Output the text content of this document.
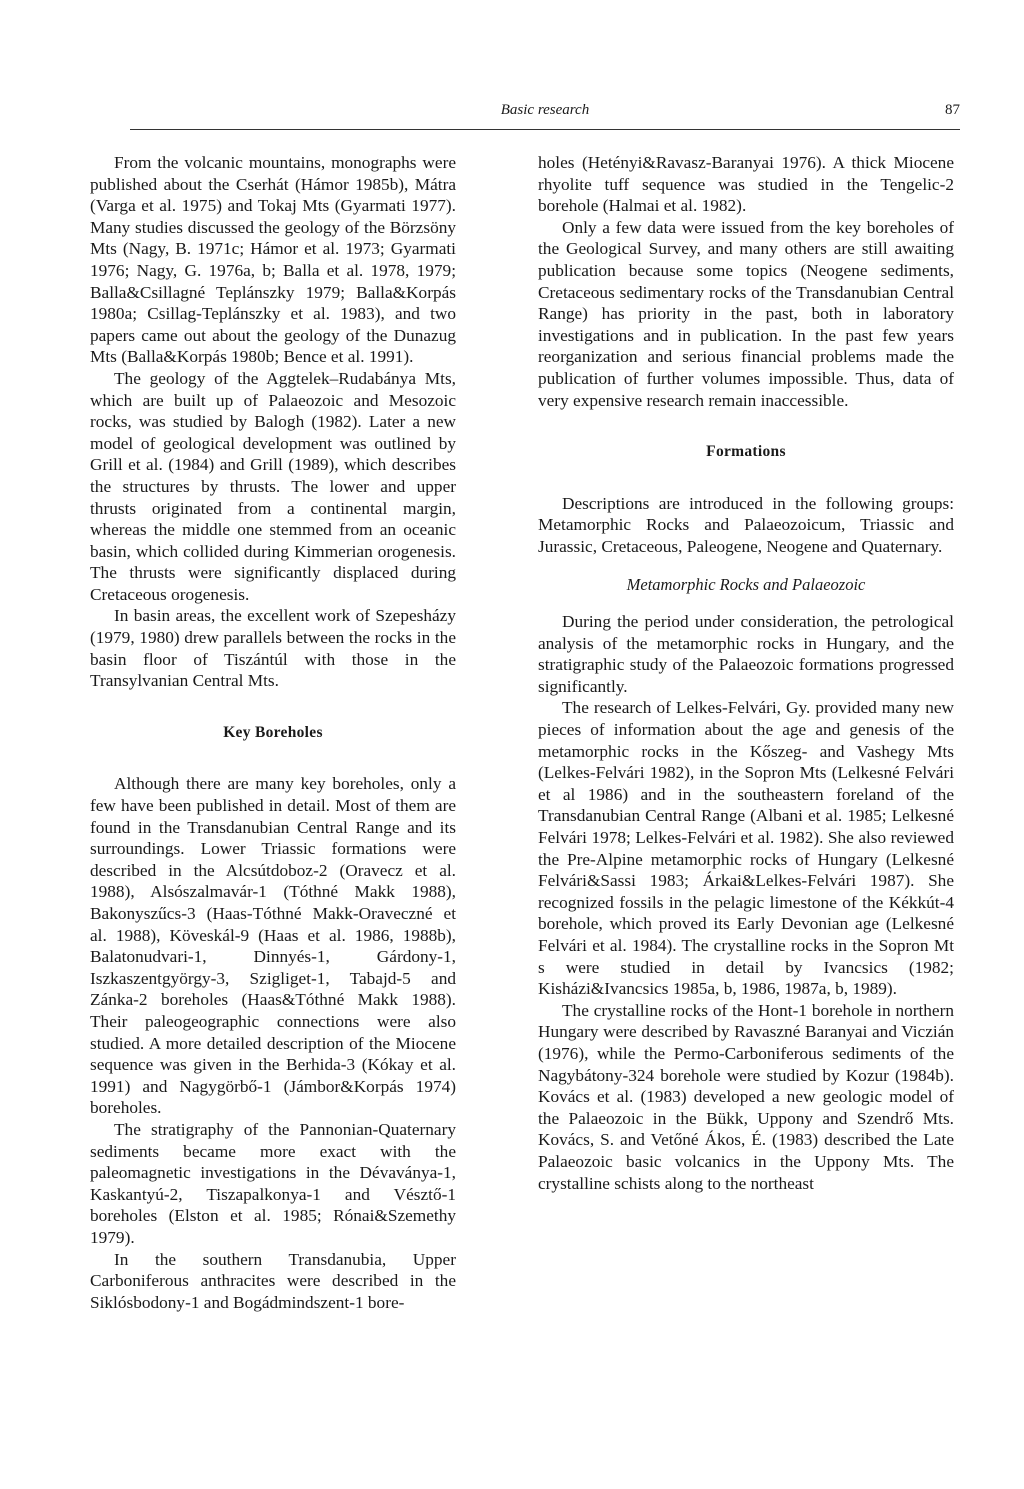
Basic research	87

From the volcanic mountains, monographs were published about the Cserhát (Hámor 1985b), Mátra (Varga et al. 1975) and Tokaj Mts (Gyarmati 1977). Many studies discussed the geology of the Börzsöny Mts (Nagy, B. 1971c; Hámor et al. 1973; Gyarmati 1976; Nagy, G. 1976a, b; Balla et al. 1978, 1979; Balla&Csillagné Teplánszky 1979; Balla&Korpás 1980a; Csillag-Teplánszky et al. 1983), and two papers came out about the geology of the Dunazug Mts (Balla&Korpás 1980b; Bence et al. 1991).

The geology of the Aggtelek–Rudabánya Mts, which are built up of Palaeozoic and Mesozoic rocks, was studied by Balogh (1982). Later a new model of geological development was outlined by Grill et al. (1984) and Grill (1989), which describes the structures by thrusts. The lower and upper thrusts originated from a continental margin, whereas the middle one stemmed from an oceanic basin, which collided during Kimmerian orogenesis. The thrusts were significantly displaced during Cretaceous orogenesis.

In basin areas, the excellent work of Szepesházy (1979, 1980) drew parallels between the rocks in the basin floor of Tiszántúl with those in the Transylvanian Central Mts.

Key Boreholes

Although there are many key boreholes, only a few have been published in detail. Most of them are found in the Transdanubian Central Range and its surroundings. Lower Triassic formations were described in the Alcsútdoboz-2 (Oravecz et al. 1988), Alsószalmavár-1 (Tóthné Makk 1988), Bakonyszűcs-3 (Haas-Tóthné Makk-Oraveczné et al. 1988), Köveskál-9 (Haas et al. 1986, 1988b), Balatonudvari-1, Dinnyés-1, Gárdony-1, Iszkaszentgyörgy-3, Szigliget-1, Tabajd-5 and Zánka-2 boreholes (Haas&Tóthné Makk 1988). Their paleogeographic connections were also studied. A more detailed description of the Miocene sequence was given in the Berhida-3 (Kókay et al. 1991) and Nagygörbő-1 (Jámbor&Korpás 1974) boreholes.

The stratigraphy of the Pannonian-Quaternary sediments became more exact with the paleomagnetic investigations in the Dévaványa-1, Kaskantyú-2, Tiszapalkonya-1 and Vésztő-1 boreholes (Elston et al. 1985; Rónai&Szemethy 1979).

In the southern Transdanubia, Upper Carboniferous anthracites were described in the Siklósbodony-1 and Bogádmindszent-1 bore-

holes (Hetényi&Ravasz-Baranyai 1976). A thick Miocene rhyolite tuff sequence was studied in the Tengelic-2 borehole (Halmai et al. 1982).

Only a few data were issued from the key boreholes of the Geological Survey, and many others are still awaiting publication because some topics (Neogene sediments, Cretaceous sedimentary rocks of the Transdanubian Central Range) has priority in the past, both in laboratory investigations and in publication. In the past few years reorganization and serious financial problems made the publication of further volumes impossible. Thus, data of very expensive research remain inaccessible.

Formations

Descriptions are introduced in the following groups: Metamorphic Rocks and Palaeozoicum, Triassic and Jurassic, Cretaceous, Paleogene, Neogene and Quaternary.

Metamorphic Rocks and Palaeozoic

During the period under consideration, the petrological analysis of the metamorphic rocks in Hungary, and the stratigraphic study of the Palaeozoic formations progressed significantly.

The research of Lelkes-Felvári, Gy. provided many new pieces of information about the age and genesis of the metamorphic rocks in the Kőszeg- and Vashegy Mts (Lelkes-Felvári 1982), in the Sopron Mts (Lelkesné Felvári et al 1986) and in the southeastern foreland of the Transdanubian Central Range (Albani et al. 1985; Lelkesné Felvári 1978; Lelkes-Felvári et al. 1982). She also reviewed the Pre-Alpine metamorphic rocks of Hungary (Lelkesné Felvári&Sassi 1983; Árkai&Lelkes-Felvári 1987). She recognized fossils in the pelagic limestone of the Kékkút-4 borehole, which proved its Early Devonian age (Lelkesné Felvári et al. 1984). The crystalline rocks in the Sopron Mt s were studied in detail by Ivancsics (1982; Kisházi&Ivancsics 1985a, b, 1986, 1987a, b, 1989).

The crystalline rocks of the Hont-1 borehole in northern Hungary were described by Ravaszné Baranyai and Viczián (1976), while the Permo-Carboniferous sediments of the Nagybátony-324 borehole were studied by Kozur (1984b). Kovács et al. (1983) developed a new geologic model of the Palaeozoic in the Bükk, Uppony and Szendrő Mts. Kovács, S. and Vetőné Ákos, É. (1983) described the Late Palaeozoic basic volcanics in the Uppony Mts. The crystalline schists along to the northeast
